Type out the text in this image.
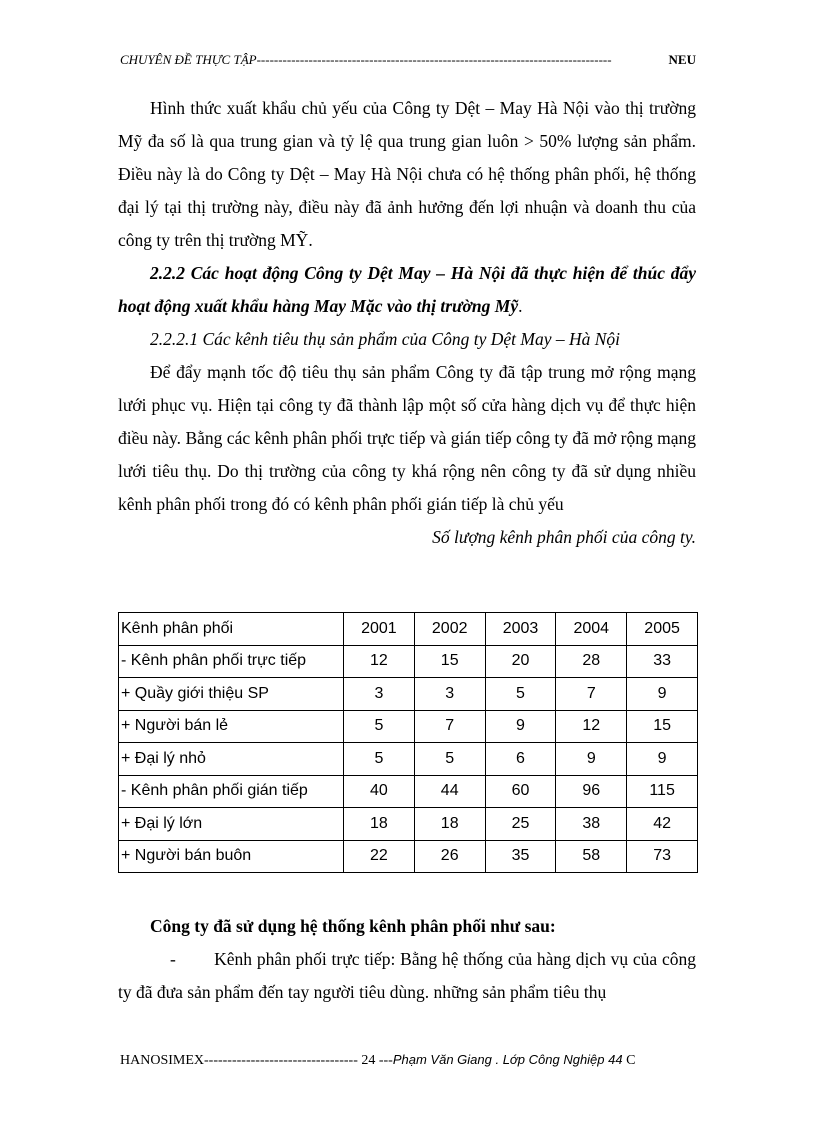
CHUYÊN ĐỀ THỰC TẬP----------------------------------------------------------------------------------	NEU

Hình thức xuất khẩu chủ yếu của Công ty Dệt – May Hà Nội vào thị trường Mỹ đa số là qua trung gian và tỷ lệ qua trung gian luôn > 50% lượng sản phẩm. Điều này là do Công ty Dệt – May Hà Nội chưa có hệ thống phân phối, hệ thống đại lý tại thị trường này, điều này đã ảnh hưởng đến lợi nhuận và doanh thu của công ty trên thị trường MỸ.

2.2.2 Các hoạt động Công ty Dệt May – Hà Nội đã thực hiện để thúc đẩy hoạt động xuất khẩu hàng May Mặc vào thị trường Mỹ.

2.2.2.1 Các kênh tiêu thụ sản phẩm của Công ty Dệt May – Hà Nội

Để đẩy mạnh tốc độ tiêu thụ sản phẩm Công ty đã tập trung mở rộng mạng lưới phục vụ. Hiện tại công ty đã thành lập một số cửa hàng dịch vụ để thực hiện điều này. Bằng các kênh phân phối trực tiếp và gián tiếp công ty đã mở rộng mạng lưới tiêu thụ. Do thị trường của công ty khá rộng nên công ty đã sử dụng nhiều kênh phân phối trong đó có kênh phân phối gián tiếp là chủ yếu

Số lượng kênh phân phối của công ty.

Kênh phân phối	2001	2002	2003	2004	2005
- Kênh phân phối trực tiếp	12	15	20	28	33
+ Quầy giới thiệu SP	3	3	5	7	9
+ Người bán lẻ	5	7	9	12	15
+ Đại lý nhỏ	5	5	6	9	9
- Kênh phân phối gián tiếp	40	44	60	96	115
+ Đại lý lớn	18	18	25	38	42
+ Người bán buôn	22	26	35	58	73

Công ty đã sử dụng hệ thống kênh phân phối như sau:

-        Kênh phân phối trực tiếp: Bằng hệ thống của hàng dịch vụ của công ty đã đưa sản phẩm đến tay người tiêu dùng. những sản phẩm tiêu thụ

HANOSIMEX--------------------------------- 24 ---Phạm Văn Giang . Lớp Công Nghiệp 44 C
